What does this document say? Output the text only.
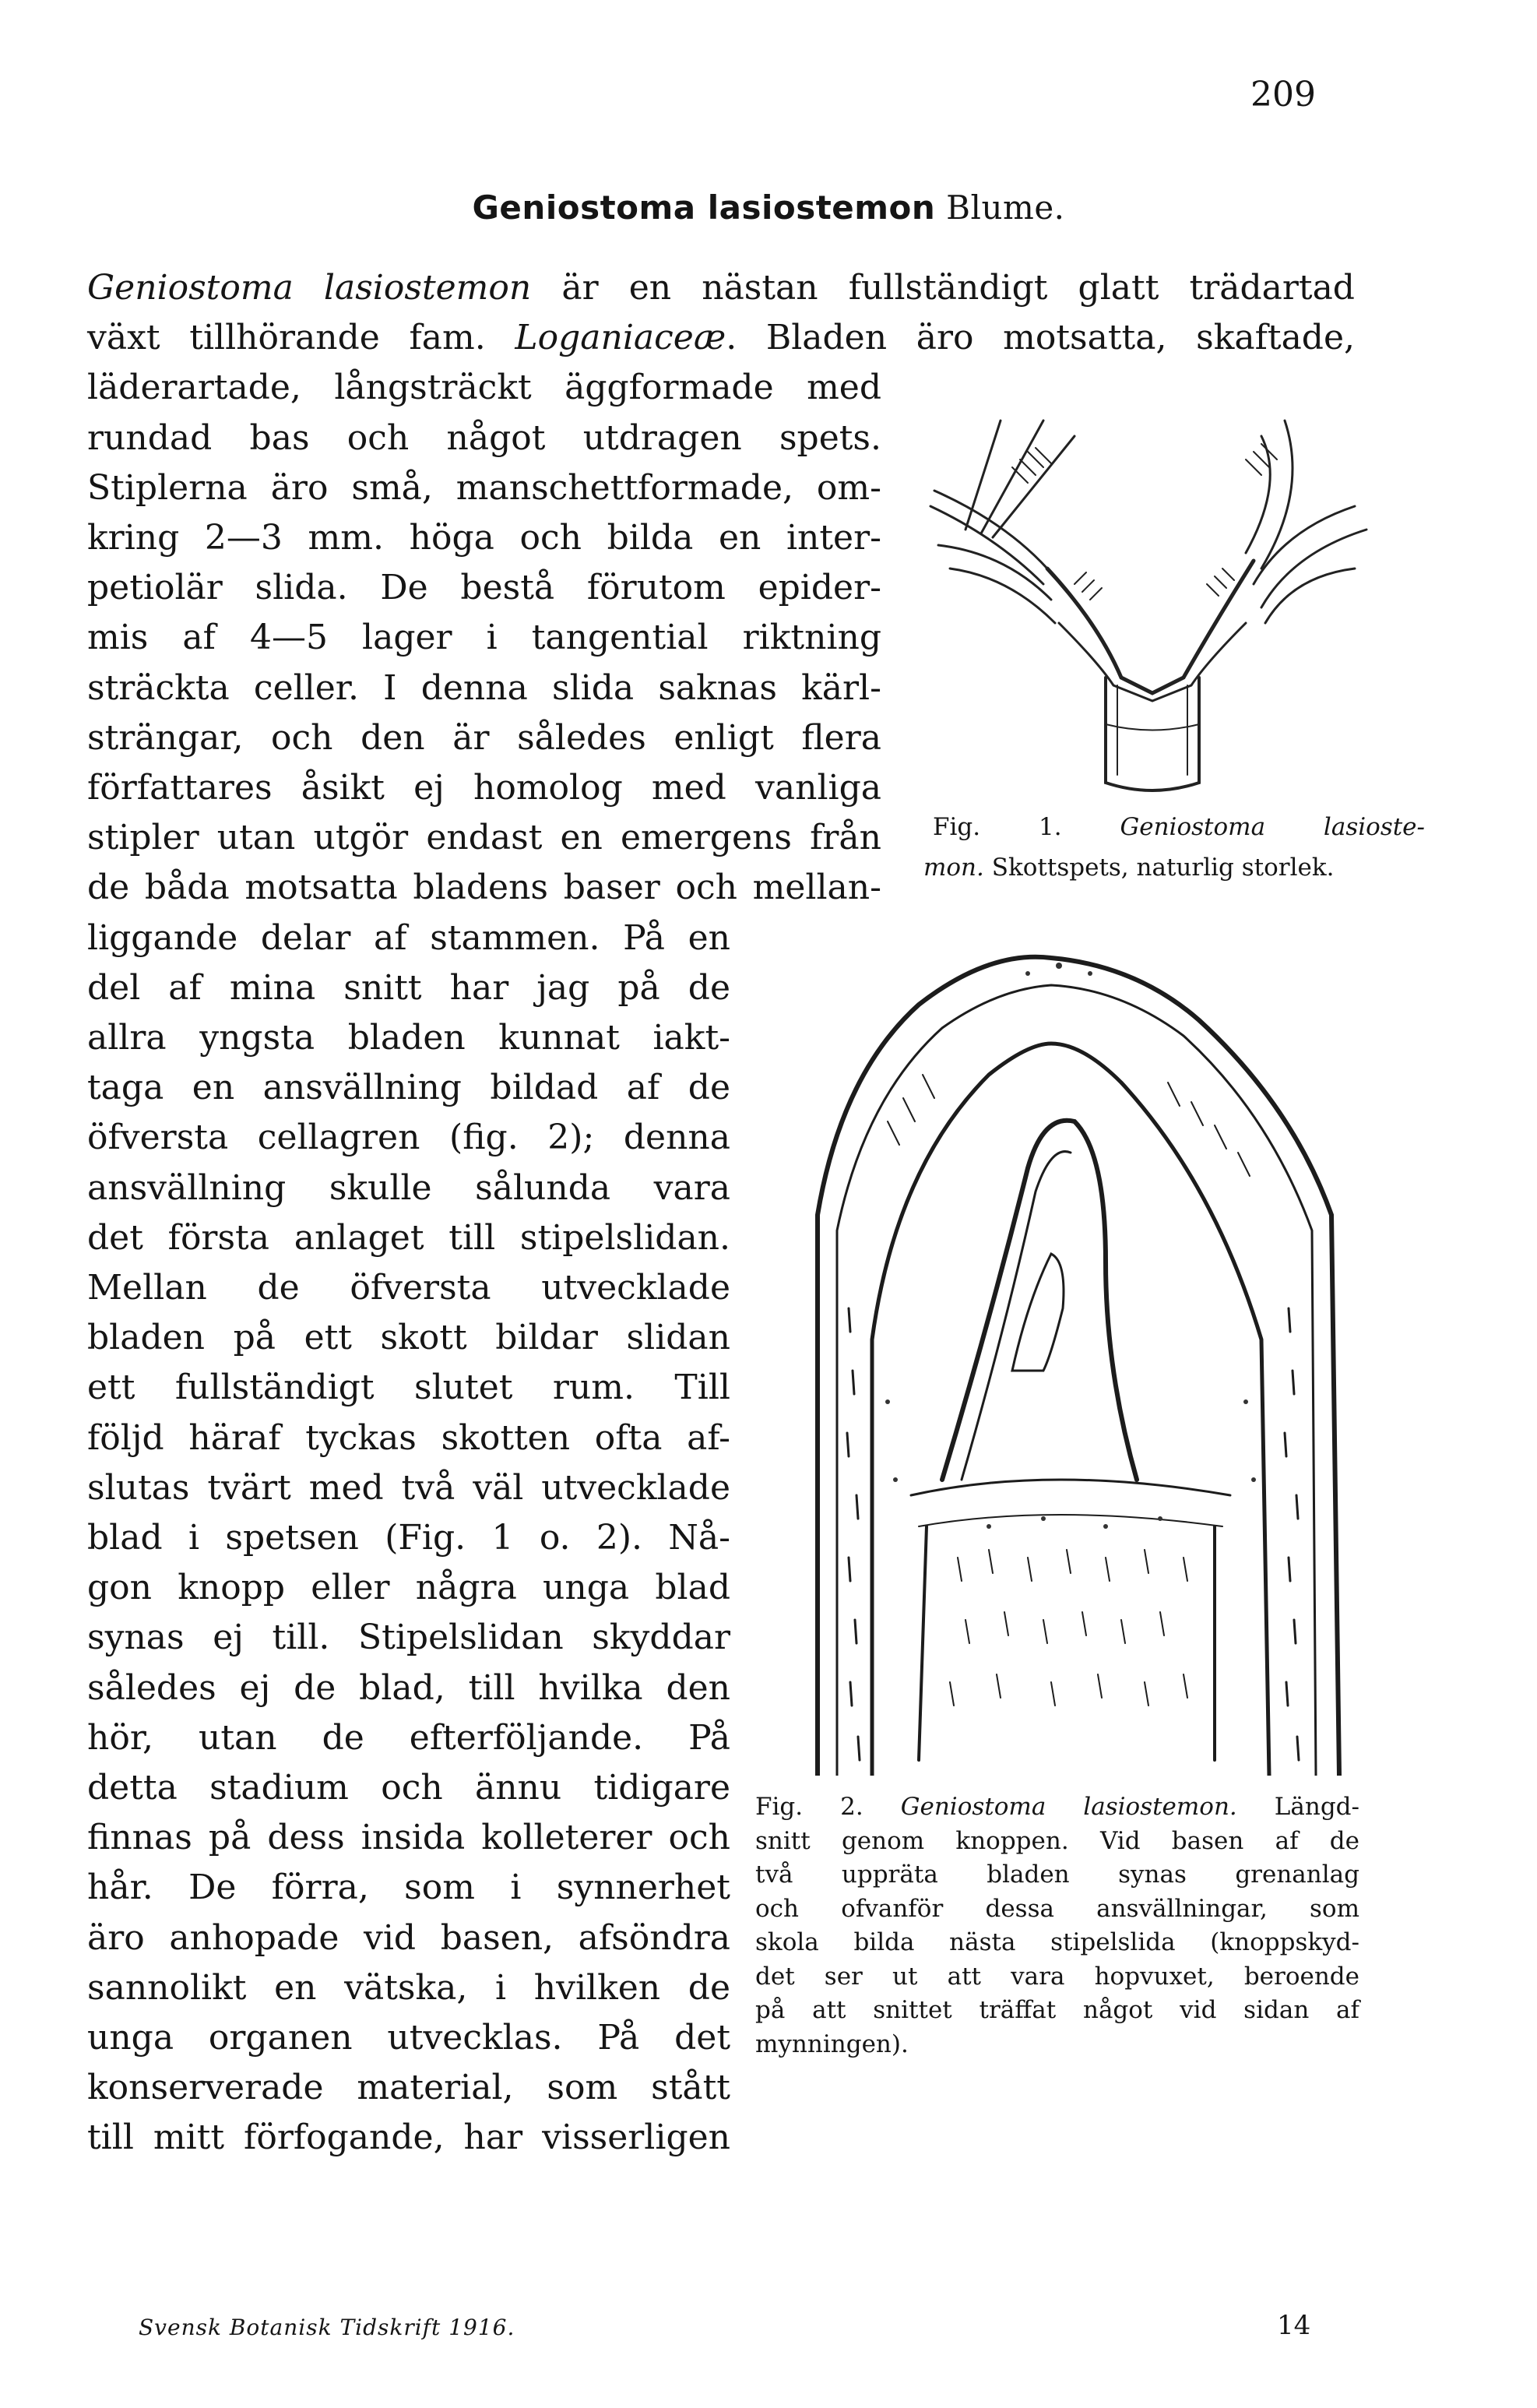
209
Geniostoma lasiostemon Blume.
Geniostoma lasiostemon är en nästan fullständigt glatt trädartad
växt tillhörande fam. Loganiaceæ. Bladen äro motsatta, skaftade,
läderartade, långsträckt äggformade med
rundad bas och något utdragen spets.
Stiplerna äro små, manschettformade, om-
kring 2—3 mm. höga och bilda en inter-
petiolär slida. De bestå förutom epider-
mis af 4—5 lager i tangential riktning
sträckta celler. I denna slida saknas kärl-
strängar, och den är således enligt flera
författares åsikt ej homolog med vanliga
stipler utan utgör endast en emergens från
de båda motsatta bladens baser och mellan-
liggande delar af stammen. På en
del af mina snitt har jag på de
allra yngsta bladen kunnat iakt-
taga en ansvällning bildad af de
öfversta cellagren (fig. 2); denna
ansvällning skulle sålunda vara
det första anlaget till stipelslidan.
Mellan de öfversta utvecklade
bladen på ett skott bildar slidan
ett fullständigt slutet rum. Till
följd häraf tyckas skotten ofta af-
slutas tvärt med två väl utvecklade
blad i spetsen (Fig. 1 o. 2). Nå-
gon knopp eller några unga blad
synas ej till. Stipelslidan skyddar
således ej de blad, till hvilka den
hör, utan de efterföljande. På
detta stadium och ännu tidigare
finnas på dess insida kolleterer och
hår. De förra, som i synnerhet
äro anhopade vid basen, afsöndra
sannolikt en vätska, i hvilken de
unga organen utvecklas. På det
konserverade material, som stått
till mitt förfogande, har visserligen
Fig. 1. Geniostoma lasioste-
mon. Skottspets, naturlig storlek.
Fig. 2. Geniostoma lasiostemon. Längd-
snitt genom knoppen. Vid basen af de
två uppräta bladen synas grenanlag
och ofvanför dessa ansvällningar, som
skola bilda nästa stipelslida (knoppskyd-
det ser ut att vara hopvuxet, beroende
på att snittet träffat något vid sidan af
mynningen).
Svensk Botanisk Tidskrift 1916.	14
